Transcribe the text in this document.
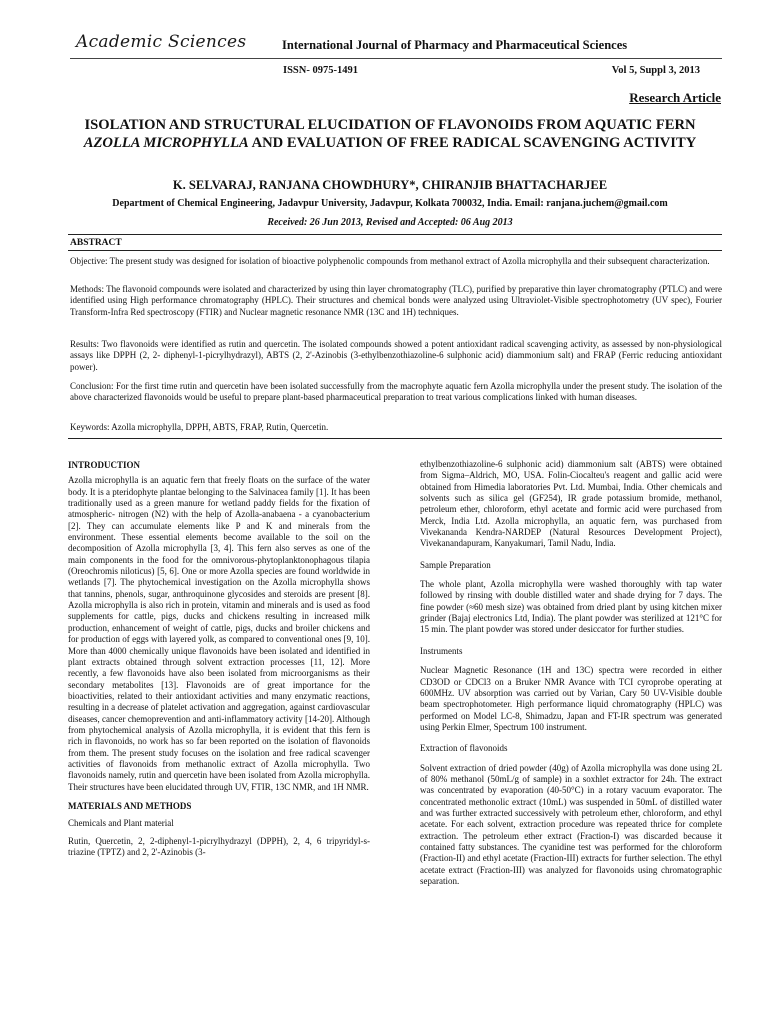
Academic Sciences	International Journal of Pharmacy and Pharmaceutical Sciences
ISSN- 0975-1491	Vol 5, Suppl 3, 2013
Research Article
ISOLATION AND STRUCTURAL ELUCIDATION OF FLAVONOIDS FROM AQUATIC FERN AZOLLA MICROPHYLLA AND EVALUATION OF FREE RADICAL SCAVENGING ACTIVITY
K. SELVARAJ, RANJANA CHOWDHURY*, CHIRANJIB BHATTACHARJEE
Department of Chemical Engineering, Jadavpur University, Jadavpur, Kolkata 700032, India. Email: ranjana.juchem@gmail.com
Received: 26 Jun 2013, Revised and Accepted: 06 Aug 2013
ABSTRACT

Objective: The present study was designed for isolation of bioactive polyphenolic compounds from methanol extract of Azolla microphylla and their subsequent characterization.

Methods: The flavonoid compounds were isolated and characterized by using thin layer chromatography (TLC), purified by preparative thin layer chromatography (PTLC) and were identified using High performance chromatography (HPLC). Their structures and chemical bonds were analyzed using Ultraviolet-Visible spectrophotometry (UV spec), Fourier Transform-Infra Red spectroscopy (FTIR) and Nuclear magnetic resonance NMR (13C and 1H) techniques.

Results: Two flavonoids were identified as rutin and quercetin. The isolated compounds showed a potent antioxidant radical scavenging activity, as assessed by non-physiological assays like DPPH (2, 2- diphenyl-1-picrylhydrazyl), ABTS (2, 2'-Azinobis (3-ethylbenzothiazoline-6 sulphonic acid) diammonium salt) and FRAP (Ferric reducing antioxidant power).

Conclusion: For the first time rutin and quercetin have been isolated successfully from the macrophyte aquatic fern Azolla microphylla under the present study. The isolation of the above characterized flavonoids would be useful to prepare plant-based pharmaceutical preparation to treat various complications linked with human diseases.

Keywords: Azolla microphylla, DPPH, ABTS, FRAP, Rutin, Quercetin.

INTRODUCTION

Azolla microphylla is an aquatic fern that freely floats on the surface of the water body. It is a pteridophyte plantae belonging to the Salvinacea family [1]. It has been traditionally used as a green manure for wetland paddy fields for the fixation of atmospheric- nitrogen (N2) with the help of Azolla-anabaena - a cyanobacterium [2]. They can accumulate elements like P and K and minerals from the environment. These essential elements become available to the soil on the decomposition of Azolla microphylla [3, 4]. This fern also serves as one of the main components in the food for the omnivorous-phytoplanktonophagous tilapia (Oreochromis niloticus) [5, 6]. One or more Azolla species are found worldwide in wetlands [7]. The phytochemical investigation on the Azolla microphylla shows that tannins, phenols, sugar, anthroquinone glycosides and steroids are present [8]. Azolla microphylla is also rich in protein, vitamin and minerals and is used as food supplements for cattle, pigs, ducks and chickens resulting in increased milk production, enhancement of weight of cattle, pigs, ducks and broiler chickens and for production of eggs with layered yolk, as compared to conventional ones [9, 10]. More than 4000 chemically unique flavonoids have been isolated and identified in plant extracts obtained through solvent extraction processes [11, 12]. More recently, a few flavonoids have also been isolated from microorganisms as their secondary metabolites [13]. Flavonoids are of great importance for the bioactivities, related to their antioxidant activities and many enzymatic reactions, resulting in a decrease of platelet activation and aggregation, against cardiovascular diseases, cancer chemoprevention and anti-inflammatory activity [14-20]. Although from phytochemical analysis of Azolla microphylla, it is evident that this fern is rich in flavonoids, no work has so far been reported on the isolation of flavonoids from them. The present study focuses on the isolation and free radical scavenger activities of flavonoids from methanolic extract of Azolla microphylla. Two flavonoids namely, rutin and quercetin have been isolated from Azolla microphylla. Their structures have been elucidated through UV, FTIR, 13C NMR, and 1H NMR.

MATERIALS AND METHODS

Chemicals and Plant material

Rutin, Quercetin, 2, 2-diphenyl-1-picrylhydrazyl (DPPH), 2, 4, 6 tripyridyl-s-triazine (TPTZ) and 2, 2'-Azinobis (3-

ethylbenzothiazoline-6 sulphonic acid) diammonium salt (ABTS) were obtained from Sigma–Aldrich, MO, USA. Folin-Ciocalteu's reagent and gallic acid were obtained from Himedia laboratories Pvt. Ltd. Mumbai, India. Other chemicals and solvents such as silica gel (GF254), IR grade potassium bromide, methanol, petroleum ether, chloroform, ethyl acetate and formic acid were purchased from Merck, India Ltd. Azolla microphylla, an aquatic fern, was purchased from Vivekananda Kendra-NARDEP (Natural Resources Development Project), Vivekanandapuram, Kanyakumari, Tamil Nadu, India.

Sample Preparation

The whole plant, Azolla microphylla were washed thoroughly with tap water followed by rinsing with double distilled water and shade drying for 7 days. The fine powder (≈60 mesh size) was obtained from dried plant by using kitchen mixer grinder (Bajaj electronics Ltd, India). The plant powder was sterilized at 121°C for 15 min. The plant powder was stored under desiccator for further studies.

Instruments

Nuclear Magnetic Resonance (1H and 13C) spectra were recorded in either CD3OD or CDCl3 on a Bruker NMR Avance with TCI cyroprobe operating at 600MHz. UV absorption was carried out by Varian, Cary 50 UV-Visible double beam spectrophotometer. High performance liquid chromatography (HPLC) was performed on Model LC-8, Shimadzu, Japan and FT-IR spectrum was generated using Perkin Elmer, Spectrum 100 instrument.

Extraction of flavonoids

Solvent extraction of dried powder (40g) of Azolla microphylla was done using 2L of 80% methanol (50mL/g of sample) in a soxhlet extractor for 24h. The extract was concentrated by evaporation (40-50°C) in a rotary vacuum evaporator. The concentrated methonolic extract (10mL) was suspended in 50mL of distilled water and was further extracted successively with petroleum ether, chloroform, and ethyl acetate. For each solvent, extraction procedure was repeated thrice for complete extraction. The petroleum ether extract (Fraction-I) was discarded because it contained fatty substances. The cyanidine test was performed for the chloroform (Fraction-II) and ethyl acetate (Fraction-III) extracts for further selection. The ethyl acetate extract (Fraction-III) was analyzed for flavonoids using chromatographic separation.
